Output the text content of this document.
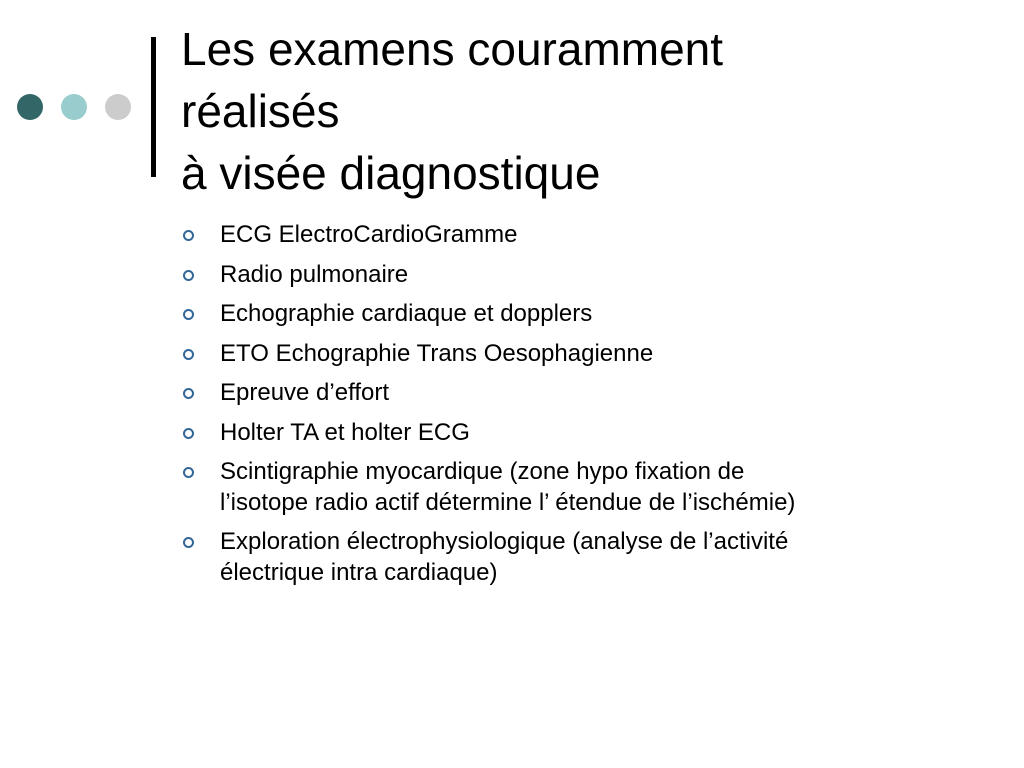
Les examens couramment
réalisés
à visée diagnostique
ECG ElectroCardioGramme
Radio pulmonaire
Echographie cardiaque et dopplers
ETO Echographie Trans Oesophagienne
Epreuve d’effort
Holter TA et holter ECG
Scintigraphie myocardique (zone hypo fixation de
l’isotope radio actif détermine l’ étendue de l’ischémie)
Exploration électrophysiologique (analyse de l’activité
électrique intra cardiaque)
